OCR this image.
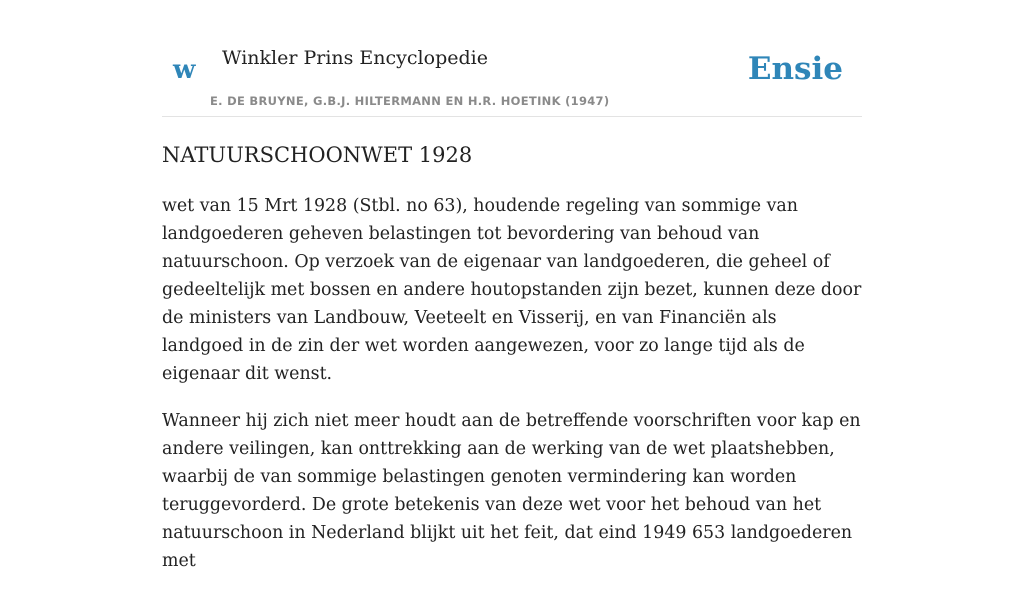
w Winkler Prins Encyclopedie
E. DE BRUYNE, G.B.J. HILTERMANN EN H.R. HOETINK (1947)
Ensie
NATUURSCHOONWET 1928

wet van 15 Mrt 1928 (Stbl. no 63), houdende regeling van sommige van landgoederen geheven belastingen tot bevordering van behoud van natuurschoon. Op verzoek van de eigenaar van landgoederen, die geheel of gedeeltelijk met bossen en andere houtopstanden zijn bezet, kunnen deze door de ministers van Landbouw, Veeteelt en Visserij, en van Financiën als landgoed in de zin der wet worden aangewezen, voor zo lange tijd als de eigenaar dit wenst.

Wanneer hij zich niet meer houdt aan de betreffende voorschriften voor kap en andere veilingen, kan onttrekking aan de werking van de wet plaatshebben, waarbij de van sommige belastingen genoten vermindering kan worden teruggevorderd. De grote betekenis van deze wet voor het behoud van het natuurschoon in Nederland blijkt uit het feit, dat eind 1949 653 landgoederen met
